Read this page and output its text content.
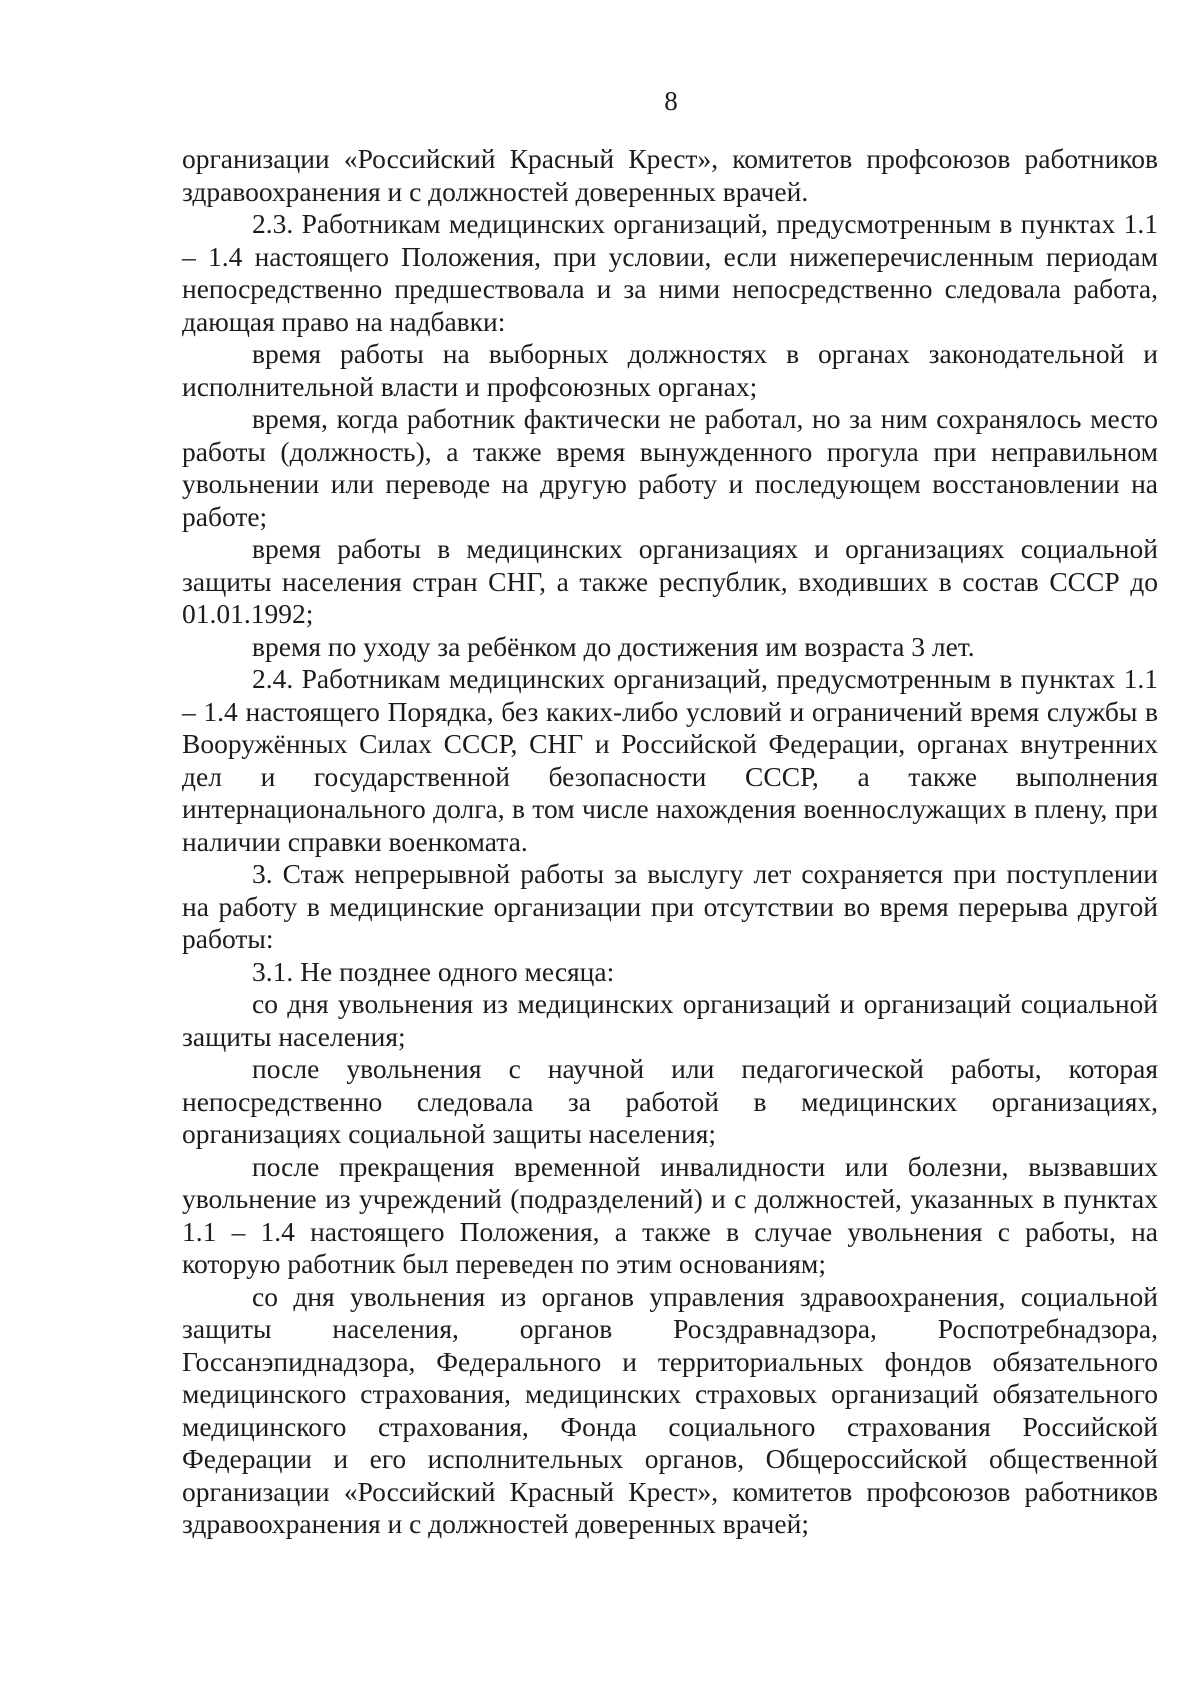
8

организации «Российский Красный Крест», комитетов профсоюзов работников здравоохранения и с должностей доверенных врачей.

2.3. Работникам медицинских организаций, предусмотренным в пунктах 1.1 – 1.4 настоящего Положения, при условии, если нижеперечисленным периодам непосредственно предшествовала и за ними непосредственно следовала работа, дающая право на надбавки:

время работы на выборных должностях в органах законодательной и исполнительной власти и профсоюзных органах;

время, когда работник фактически не работал, но за ним сохранялось место работы (должность), а также время вынужденного прогула при неправильном увольнении или переводе на другую работу и последующем восстановлении на работе;

время работы в медицинских организациях и организациях социальной защиты населения стран СНГ, а также республик, входивших в состав СССР до 01.01.1992;

время по уходу за ребёнком до достижения им возраста 3 лет.

2.4. Работникам медицинских организаций, предусмотренным в пунктах 1.1 – 1.4 настоящего Порядка, без каких-либо условий и ограничений время службы в Вооружённых Силах СССР, СНГ и Российской Федерации, органах внутренних дел и государственной безопасности СССР, а также выполнения интернационального долга, в том числе нахождения военнослужащих в плену, при наличии справки военкомата.

3. Стаж непрерывной работы за выслугу лет сохраняется при поступлении на работу в медицинские организации при отсутствии во время перерыва другой работы:

3.1. Не позднее одного месяца:

со дня увольнения из медицинских организаций и организаций социальной защиты населения;

после увольнения с научной или педагогической работы, которая непосредственно следовала за работой в медицинских организациях, организациях социальной защиты населения;

после прекращения временной инвалидности или болезни, вызвавших увольнение из учреждений (подразделений) и с должностей, указанных в пунктах 1.1 – 1.4 настоящего Положения, а также в случае увольнения с работы, на которую работник был переведен по этим основаниям;

со дня увольнения из органов управления здравоохранения, социальной защиты населения, органов Росздравнадзора, Роспотребнадзора, Госсанэпиднадзора, Федерального и территориальных фондов обязательного медицинского страхования, медицинских страховых организаций обязательного медицинского страхования, Фонда социального страхования Российской Федерации и его исполнительных органов, Общероссийской общественной организации «Российский Красный Крест», комитетов профсоюзов работников здравоохранения и с должностей доверенных врачей;
